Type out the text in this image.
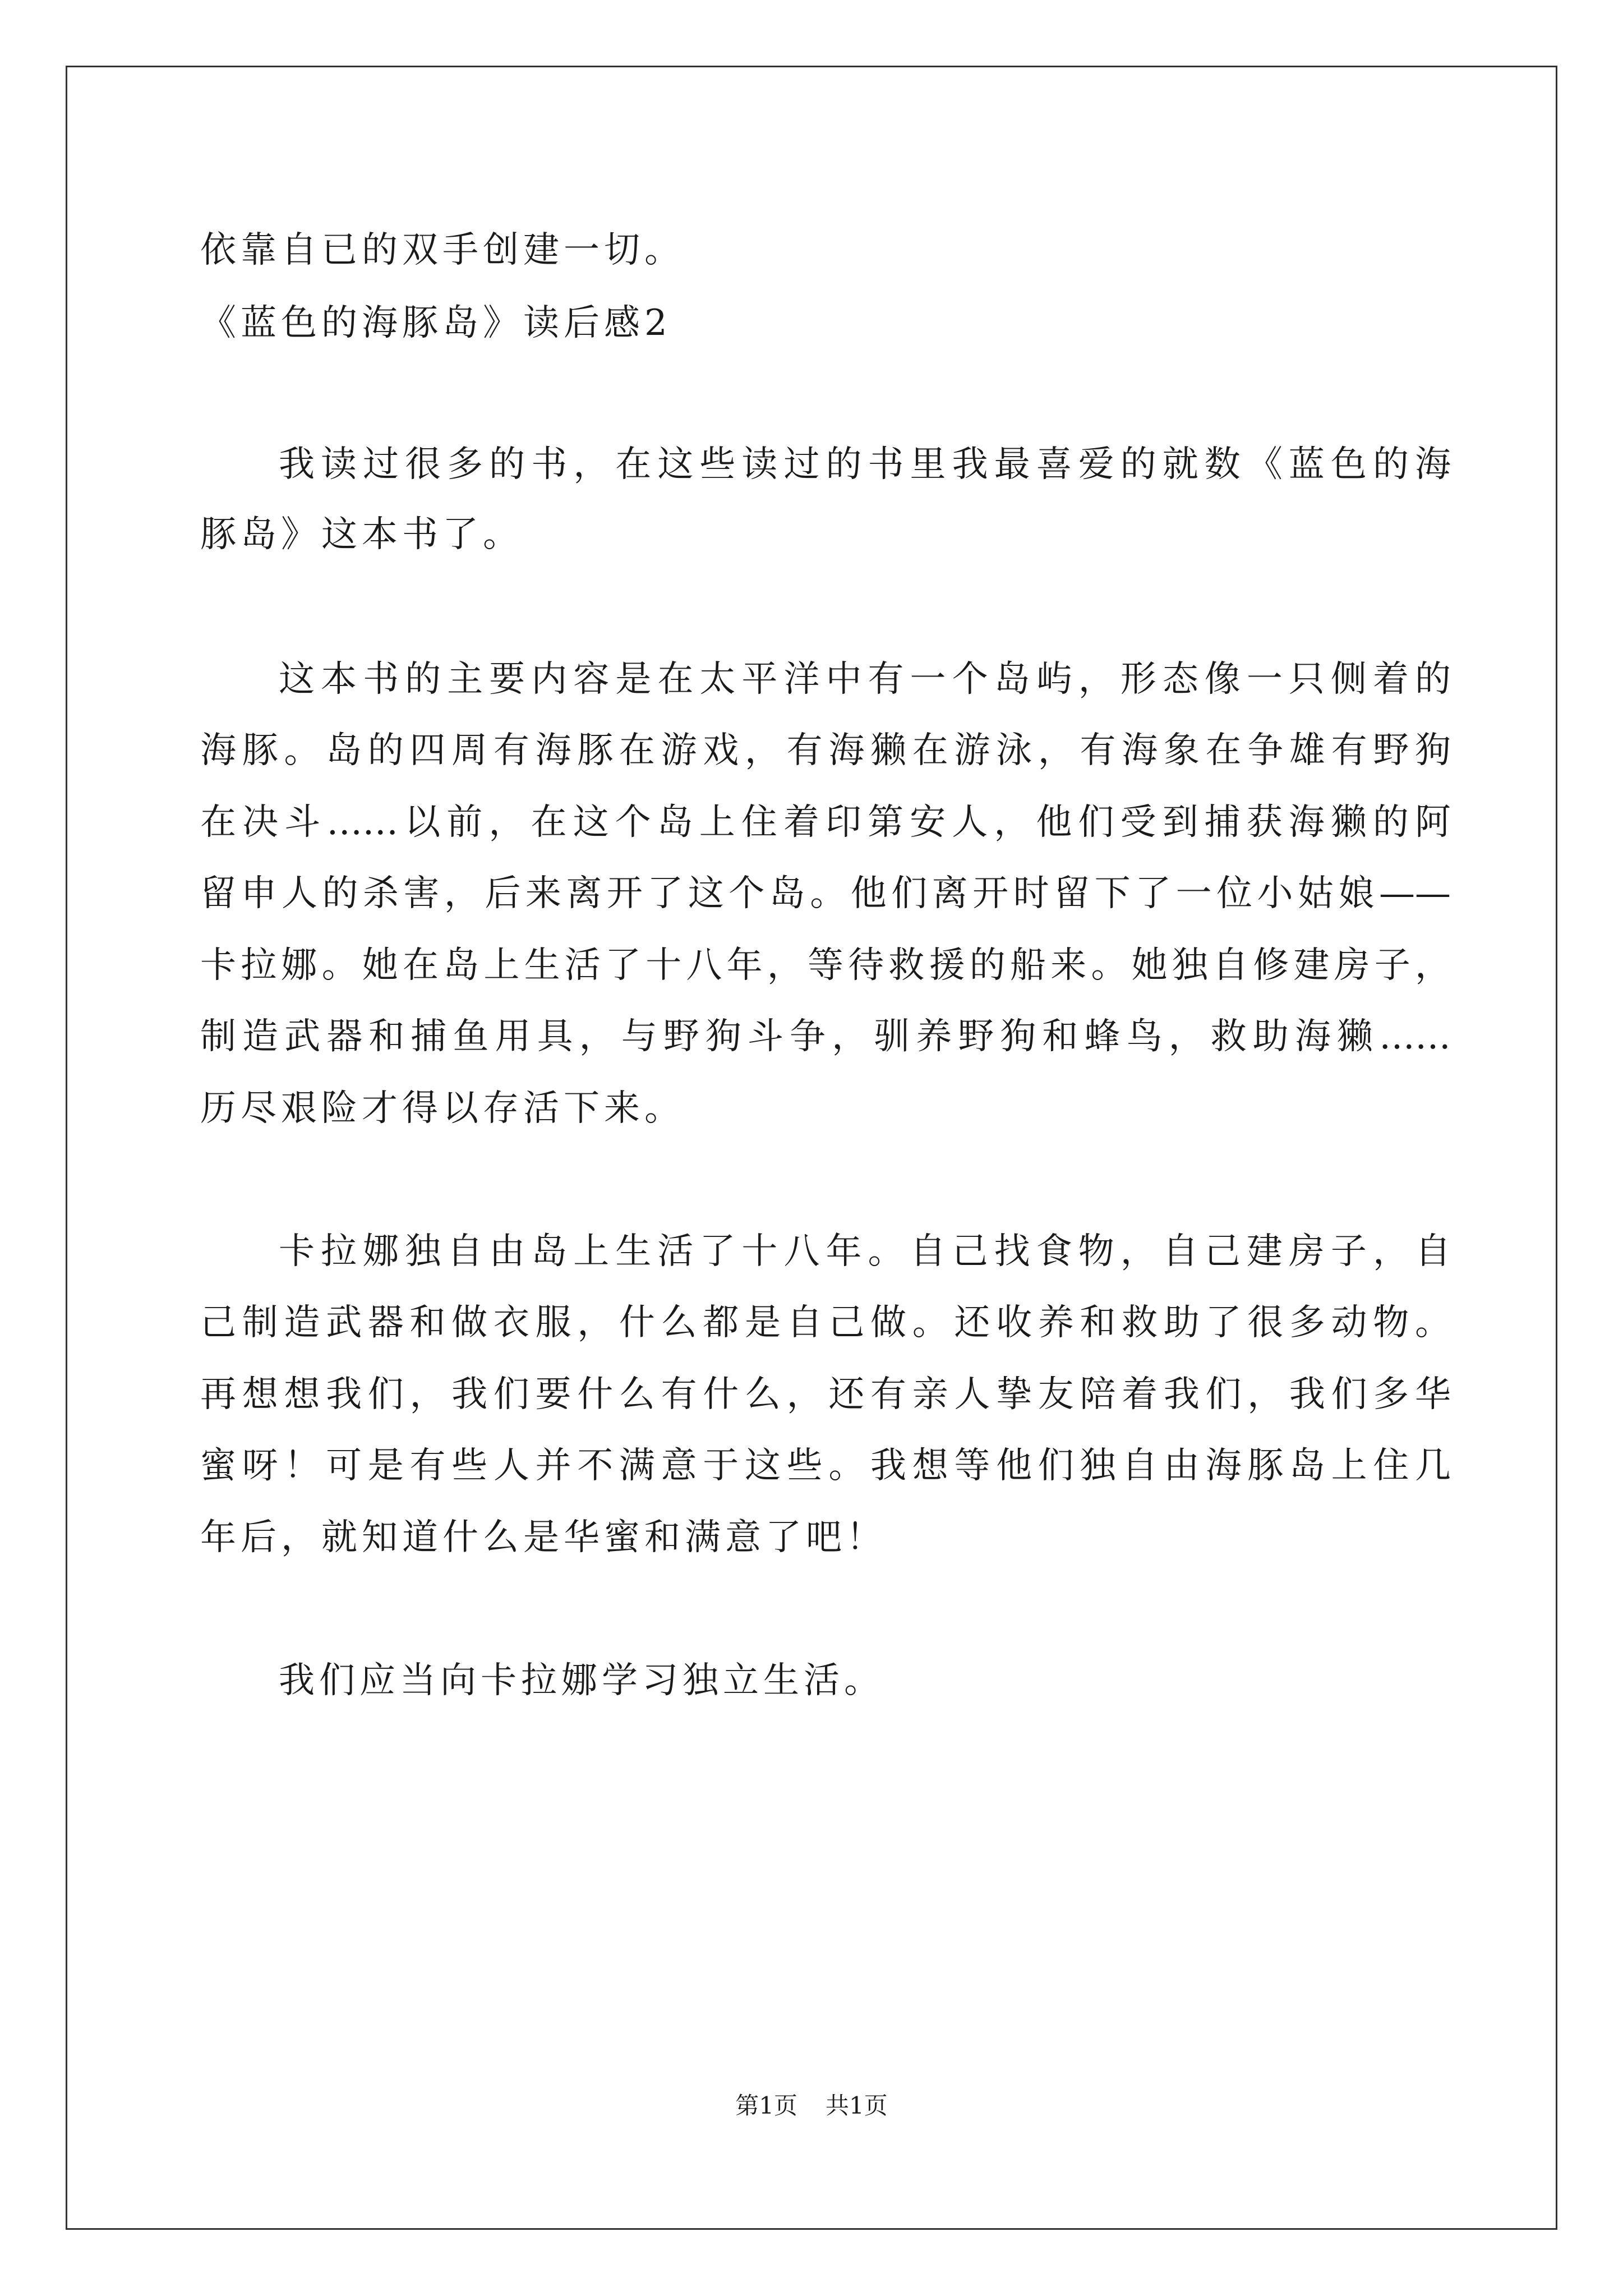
依靠自已的双手创建一切。
《蓝色的海豚岛》读后感2
我读过很多的书，在这些读过的书里我最喜爱的就数《蓝色的海
豚岛》这本书了。
这本书的主要内容是在太平洋中有一个岛屿，形态像一只侧着的
海豚。岛的四周有海豚在游戏，有海獭在游泳，有海象在争雄有野狗
在决斗……以前，在这个岛上住着印第安人，他们受到捕获海獭的阿
留申人的杀害，后来离开了这个岛。他们离开时留下了一位小姑娘——
卡拉娜。她在岛上生活了十八年，等待救援的船来。她独自修建房子，
制造武器和捕鱼用具，与野狗斗争，驯养野狗和蜂鸟，救助海獭……
历尽艰险才得以存活下来。
卡拉娜独自由岛上生活了十八年。自己找食物，自己建房子，自
己制造武器和做衣服，什么都是自己做。还收养和救助了很多动物。
再想想我们，我们要什么有什么，还有亲人挚友陪着我们，我们多华
蜜呀！可是有些人并不满意于这些。我想等他们独自由海豚岛上住几
年后，就知道什么是华蜜和满意了吧！
我们应当向卡拉娜学习独立生活。
第1页 共1页
